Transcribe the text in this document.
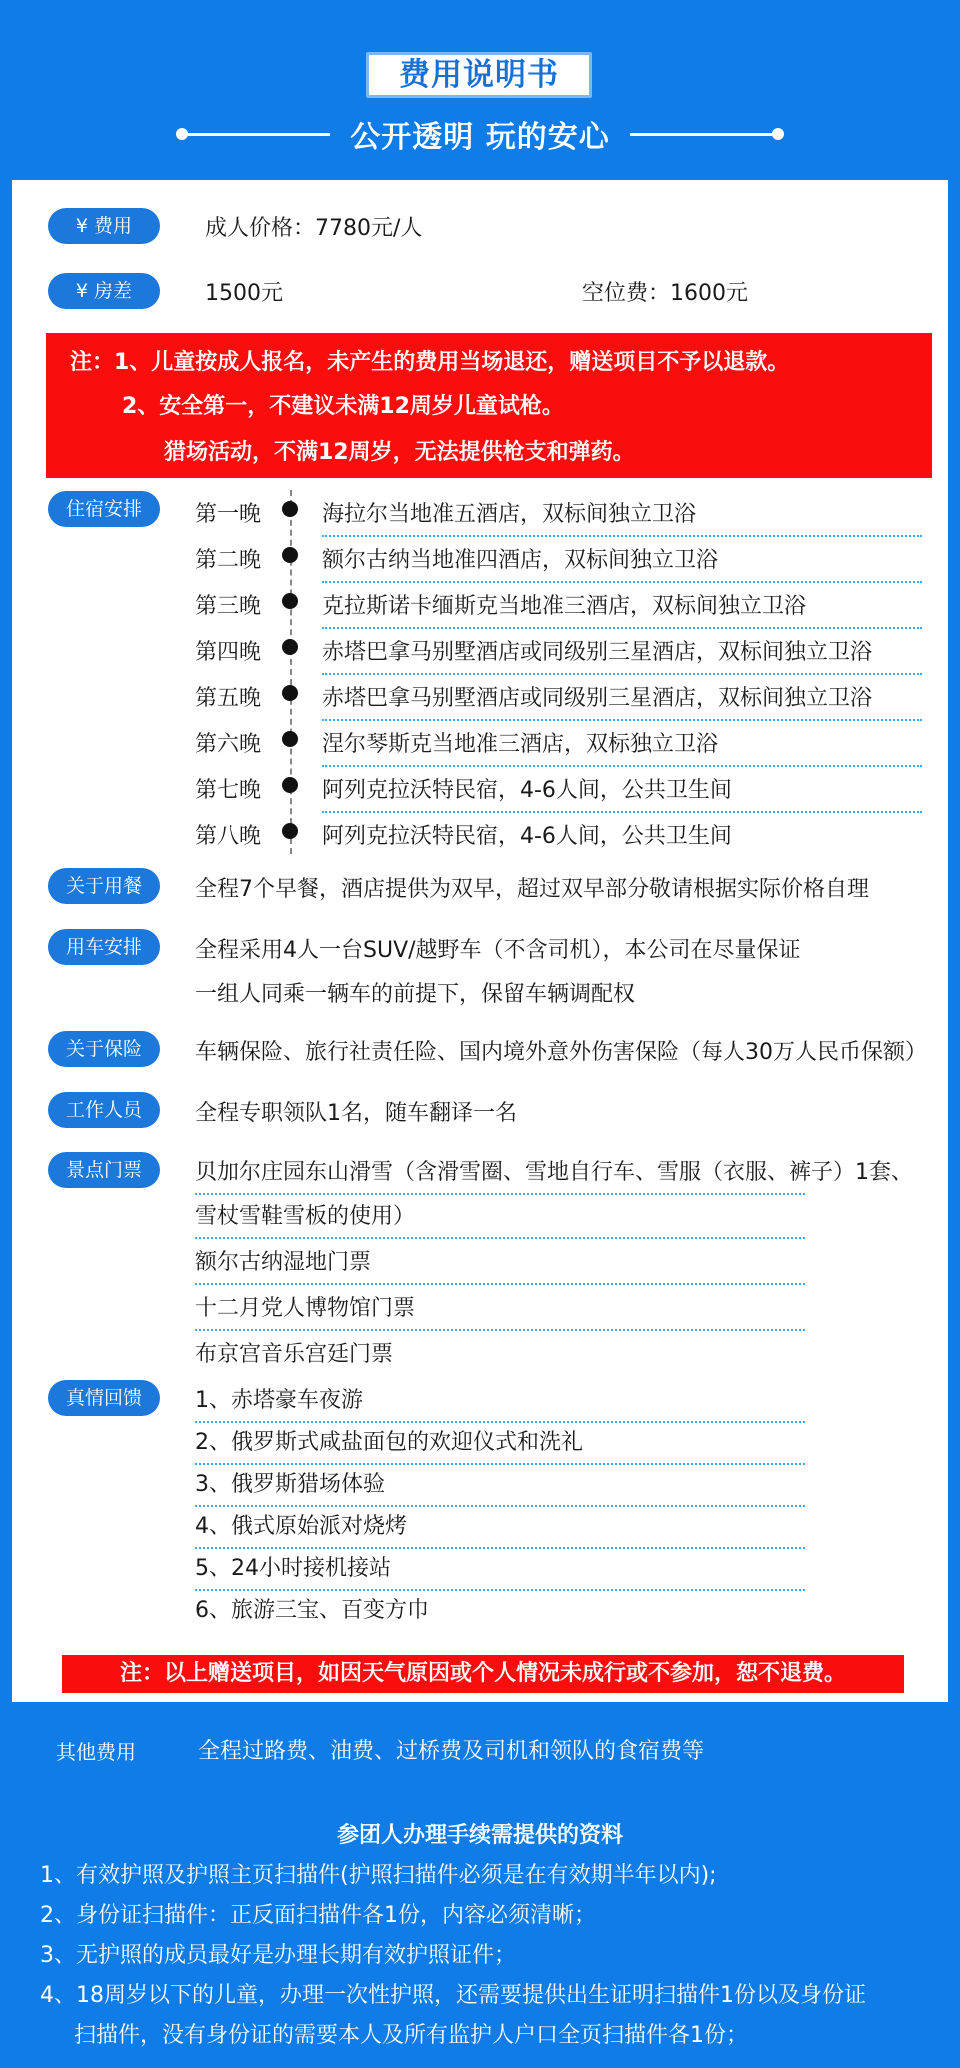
费用说明书
公开透明 玩的安心
¥ 费用	成人价格：7780元/人
¥ 房差	1500元	空位费：1600元
注：1、儿童按成人报名，未产生的费用当场退还，赠送项目不予以退款。
2、安全第一，不建议未满12周岁儿童试枪。
猎场活动，不满12周岁，无法提供枪支和弹药。
住宿安排	第一晚	海拉尔当地准五酒店，双标间独立卫浴
第二晚	额尔古纳当地准四酒店，双标间独立卫浴
第三晚	克拉斯诺卡缅斯克当地准三酒店，双标间独立卫浴
第四晚	赤塔巴拿马别墅酒店或同级别三星酒店，双标间独立卫浴
第五晚	赤塔巴拿马别墅酒店或同级别三星酒店，双标间独立卫浴
第六晚	涅尔琴斯克当地准三酒店，双标独立卫浴
第七晚	阿列克拉沃特民宿，4-6人间，公共卫生间
第八晚	阿列克拉沃特民宿，4-6人间，公共卫生间
关于用餐	全程7个早餐，酒店提供为双早，超过双早部分敬请根据实际价格自理
用车安排	全程采用4人一台SUV/越野车（不含司机），本公司在尽量保证
一组人同乘一辆车的前提下，保留车辆调配权
关于保险	车辆保险、旅行社责任险、国内境外意外伤害保险（每人30万人民币保额）
工作人员	全程专职领队1名，随车翻译一名
景点门票	贝加尔庄园东山滑雪（含滑雪圈、雪地自行车、雪服（衣服、裤子）1套、
雪杖雪鞋雪板的使用）
额尔古纳湿地门票
十二月党人博物馆门票
布京宫音乐宫廷门票
真情回馈	1、赤塔豪车夜游
2、俄罗斯式咸盐面包的欢迎仪式和洗礼
3、俄罗斯猎场体验
4、俄式原始派对烧烤
5、24小时接机接站
6、旅游三宝、百变方巾
注：以上赠送项目，如因天气原因或个人情况未成行或不参加，恕不退费。
其他费用	全程过路费、油费、过桥费及司机和领队的食宿费等
参团人办理手续需提供的资料
1、有效护照及护照主页扫描件(护照扫描件必须是在有效期半年以内);
2、身份证扫描件：正反面扫描件各1份，内容必须清晰；
3、无护照的成员最好是办理长期有效护照证件；
4、18周岁以下的儿童，办理一次性护照，还需要提供出生证明扫描件1份以及身份证
扫描件，没有身份证的需要本人及所有监护人户口全页扫描件各1份；
